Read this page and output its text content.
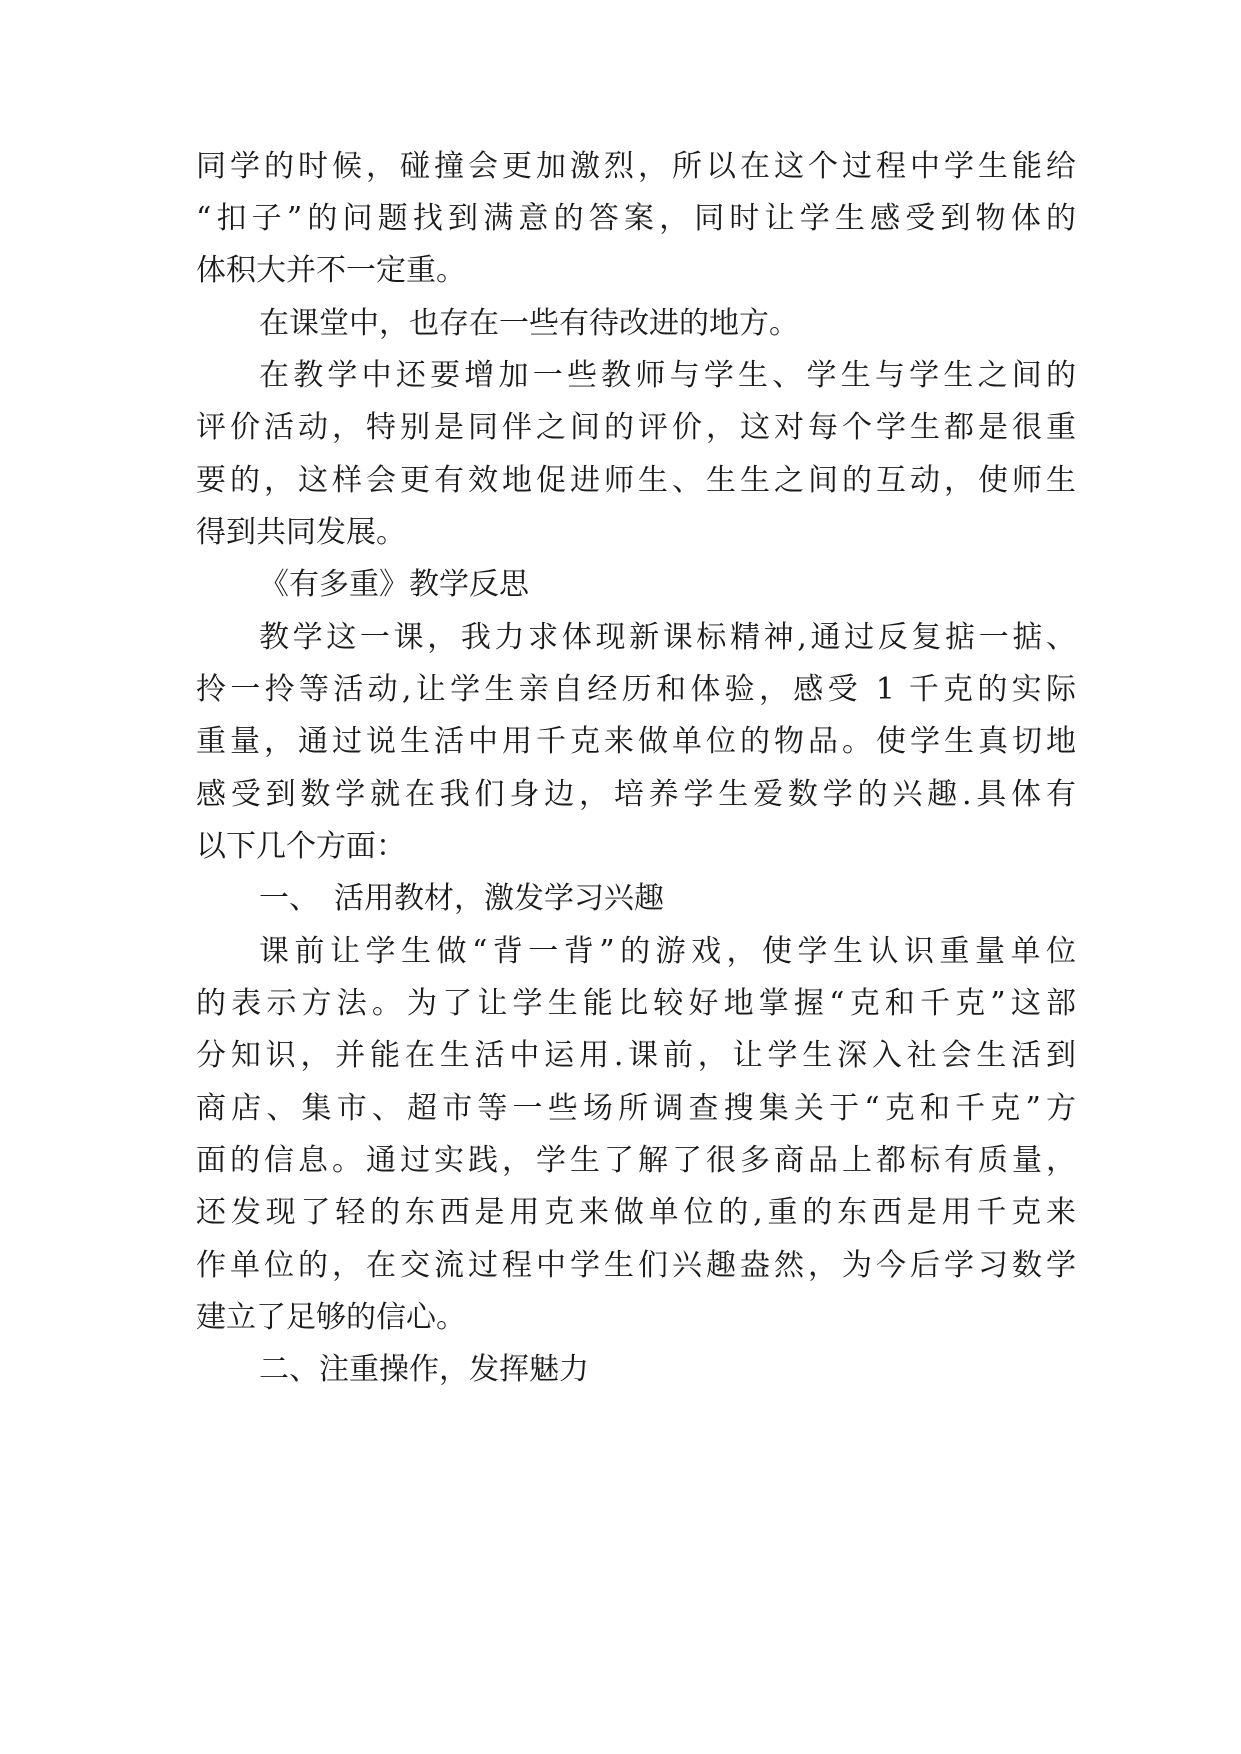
同学的时候，碰撞会更加激烈，所以在这个过程中学生能给
“扣子”的问题找到满意的答案，同时让学生感受到物体的
体积大并不一定重。
在课堂中，也存在一些有待改进的地方。
在教学中还要增加一些教师与学生、学生与学生之间的
评价活动，特别是同伴之间的评价，这对每个学生都是很重
要的，这样会更有效地促进师生、生生之间的互动，使师生
得到共同发展。
《有多重》教学反思
教学这一课，我力求体现新课标精神,通过反复掂一掂、
拎一拎等活动,让学生亲自经历和体验，感受 1 千克的实际
重量，通过说生活中用千克来做单位的物品。使学生真切地
感受到数学就在我们身边，培养学生爱数学的兴趣.具体有
以下几个方面：
一、　活用教材，激发学习兴趣
课前让学生做“背一背”的游戏，使学生认识重量单位
的表示方法。为了让学生能比较好地掌握“克和千克”这部
分知识，并能在生活中运用.课前，让学生深入社会生活到
商店、集市、超市等一些场所调查搜集关于“克和千克”方
面的信息。通过实践，学生了解了很多商品上都标有质量，
还发现了轻的东西是用克来做单位的,重的东西是用千克来
作单位的，在交流过程中学生们兴趣盎然，为今后学习数学
建立了足够的信心。
二、注重操作，发挥魅力
